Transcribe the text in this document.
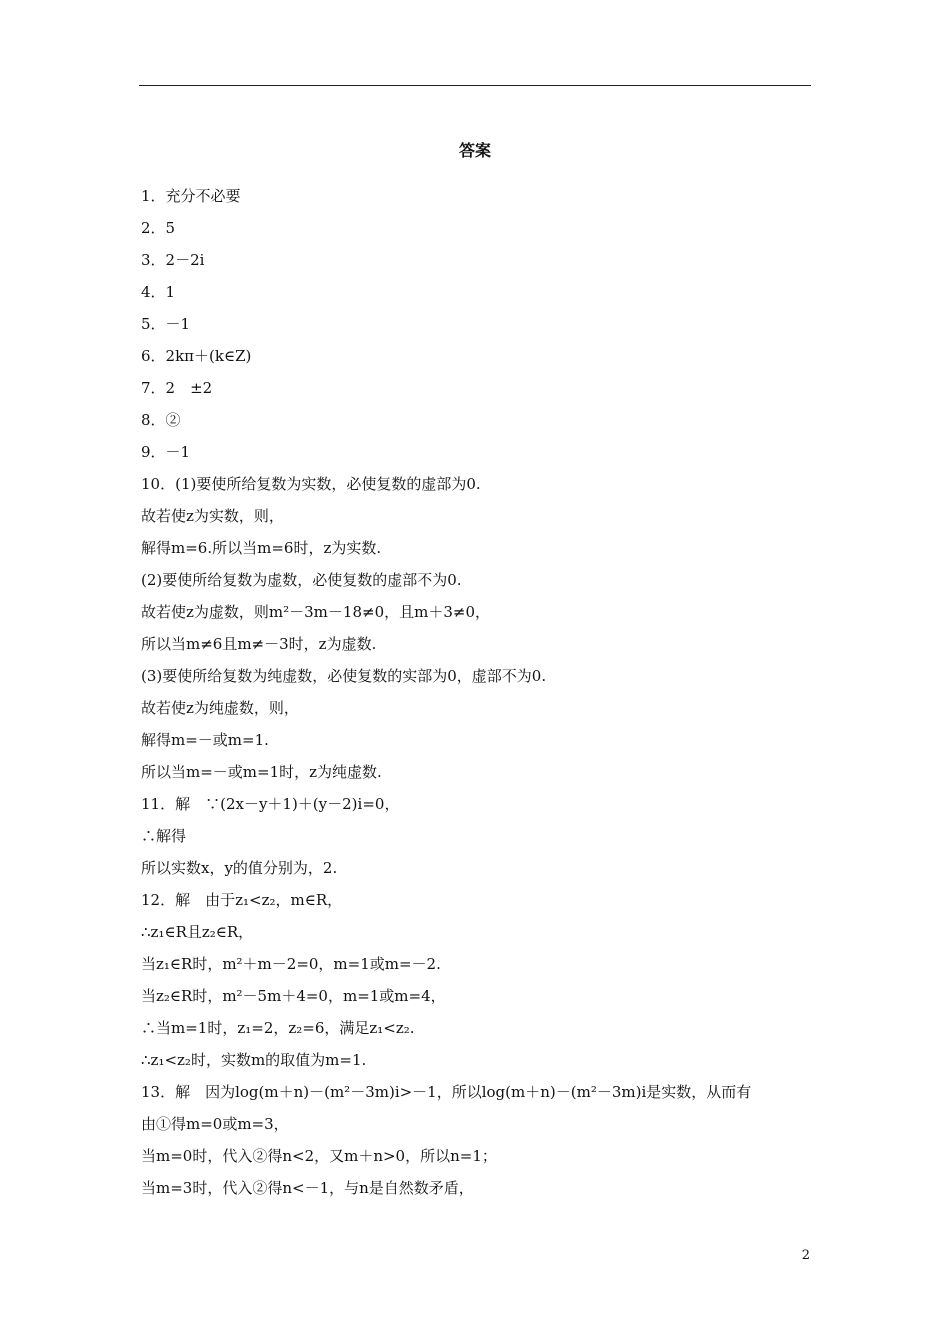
答案
1．充分不必要
2．5
3．2－2i
4．1
5．－1
6．2kπ＋(k∈Z)
7．2　±2
8．②
9．－1
10．(1)要使所给复数为实数，必使复数的虚部为0.
故若使z为实数，则，
解得m=6.所以当m=6时，z为实数.
(2)要使所给复数为虚数，必使复数的虚部不为0.
故若使z为虚数，则m²－3m－18≠0，且m＋3≠0，
所以当m≠6且m≠－3时，z为虚数.
(3)要使所给复数为纯虚数，必使复数的实部为0，虚部不为0.
故若使z为纯虚数，则，
解得m=－或m=1.
所以当m=－或m=1时，z为纯虚数.
11．解　∵(2x－y＋1)＋(y－2)i=0，
∴解得
所以实数x，y的值分别为，2.
12．解　由于z₁<z₂，m∈R，
∴z₁∈R且z₂∈R，
当z₁∈R时，m²＋m－2=0，m=1或m=－2.
当z₂∈R时，m²－5m＋4=0，m=1或m=4，
∴当m=1时，z₁=2，z₂=6，满足z₁<z₂.
∴z₁<z₂时，实数m的取值为m=1.
13．解　因为log(m＋n)－(m²－3m)i>－1，所以log(m＋n)－(m²－3m)i是实数，从而有
由①得m=0或m=3，
当m=0时，代入②得n<2，又m＋n>0，所以n=1；
当m=3时，代入②得n<－1，与n是自然数矛盾，
2
